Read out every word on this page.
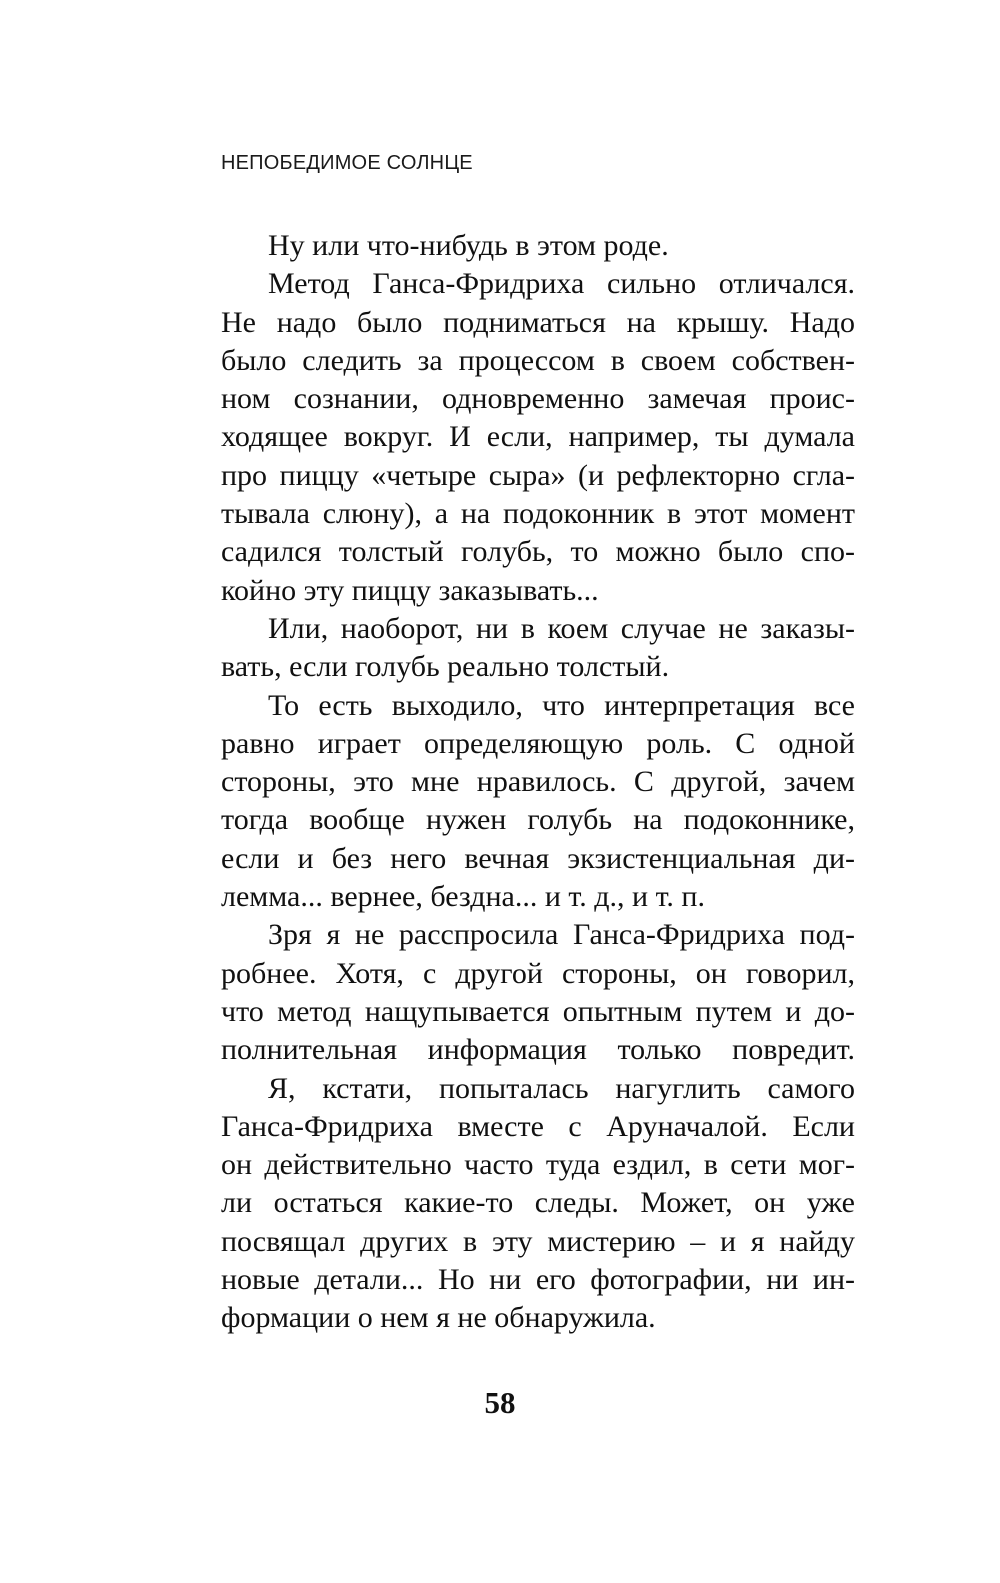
НЕПОБЕДИМОЕ СОЛНЦЕ
Ну или что-нибудь в этом роде.
Метод Ганса-Фридриха сильно отличался.
Не надо было подниматься на крышу. Надо
было следить за процессом в своем собствен-
ном сознании, одновременно замечая проис-
ходящее вокруг. И если, например, ты думала
про пиццу «четыре сыра» (и рефлекторно сгла-
тывала слюну), а на подоконник в этот момент
садился толстый голубь, то можно было спо-
койно эту пиццу заказывать...
Или, наоборот, ни в коем случае не заказы-
вать, если голубь реально толстый.
То есть выходило, что интерпретация все
равно играет определяющую роль. С одной
стороны, это мне нравилось. С другой, зачем
тогда вообще нужен голубь на подоконнике,
если и без него вечная экзистенциальная ди-
лемма... вернее, бездна... и т. д., и т. п.
Зря я не расспросила Ганса-Фридриха под-
робнее. Хотя, с другой стороны, он говорил,
что метод нащупывается опытным путем и до-
полнительная информация только повредит.
Я, кстати, попыталась нагуглить самого
Ганса-Фридриха вместе с Аруначалой. Если
он действительно часто туда ездил, в сети мог-
ли остаться какие-то следы. Может, он уже
посвящал других в эту мистерию – и я найду
новые детали... Но ни его фотографии, ни ин-
формации о нем я не обнаружила.
58
